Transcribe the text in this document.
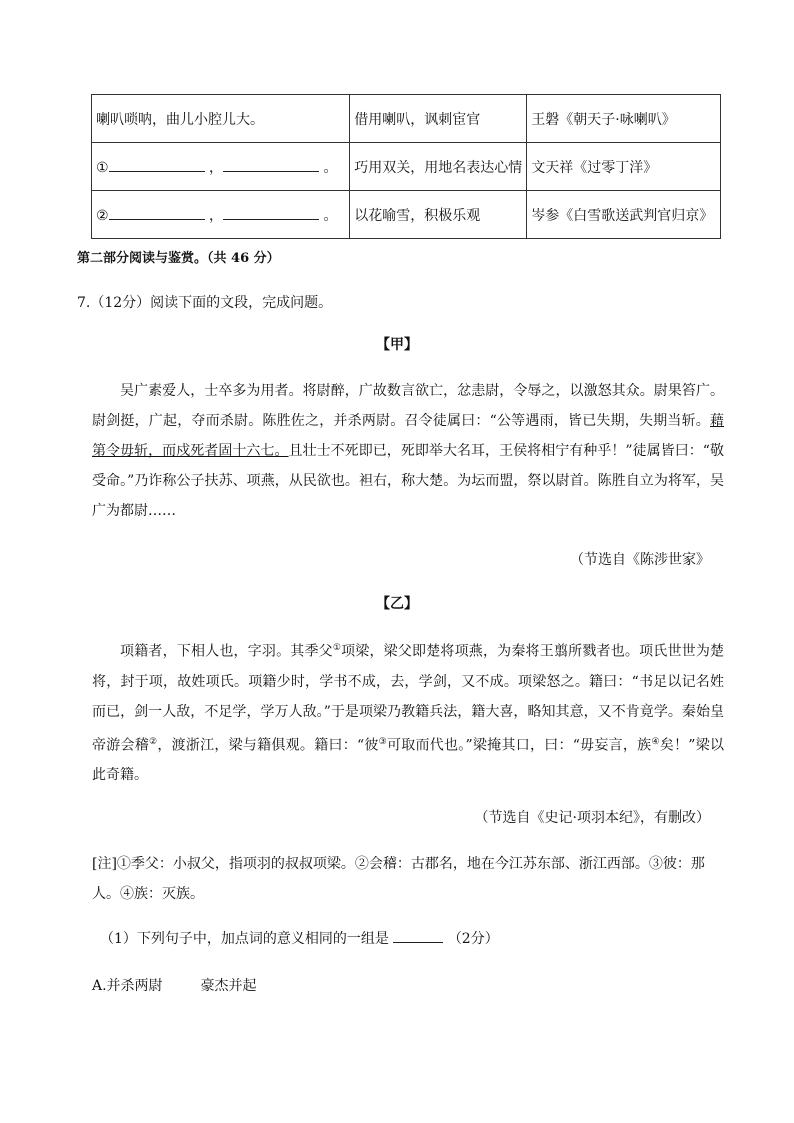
喇叭唢呐，曲儿小腔儿大。	借用喇叭，讽刺宦官	王磐《朝天子·咏喇叭》
① ， 。	巧用双关，用地名表达心情	文天祥《过零丁洋》
② ， 。	以花喻雪，积极乐观	岑参《白雪歌送武判官归京》
第二部分阅读与鉴赏。（共 46 分）
7.（12分）阅读下面的文段，完成问题。
【甲】

吴广素爱人，士卒多为用者。将尉醉，广故数言欲亡，忿恚尉，令辱之，以激怒其众。尉果笞广。尉剑挺，广起，夺而杀尉。陈胜佐之，并杀两尉。召令徒属曰：“公等遇雨，皆已失期，失期当斩。藉第令毋斩，而戍死者固十六七。且壮士不死即已，死即举大名耳，王侯将相宁有种乎！”徒属皆曰：“敬受命。”乃诈称公子扶苏、项燕，从民欲也。袒右，称大楚。为坛而盟，祭以尉首。陈胜自立为将军，吴广为都尉……

（节选自《陈涉世家》
【乙】

项籍者，下相人也，字羽。其季父①项梁，梁父即楚将项燕，为秦将王翦所戮者也。项氏世世为楚将，封于项，故姓项氏。项籍少时，学书不成，去，学剑，又不成。项梁怒之。籍曰：“书足以记名姓而已，剑一人敌，不足学，学万人敌。”于是项梁乃教籍兵法，籍大喜，略知其意，又不肯竟学。秦始皇帝游会稽②，渡浙江，梁与籍俱观。籍曰：“彼③可取而代也。”梁掩其口，曰：“毋妄言，族④矣！”梁以此奇籍。

（节选自《史记·项羽本纪》，有删改）
[注]①季父：小叔父，指项羽的叔叔项梁。②会稽：古郡名，地在今江苏东部、浙江西部。③彼：那人。④族：灭族。
（1）下列句子中，加点词的意义相同的一组是	（2分）
A.并杀两尉	豪杰并起
